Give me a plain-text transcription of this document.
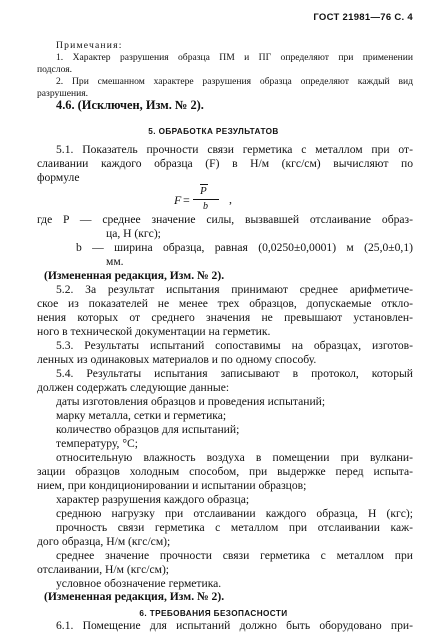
ГОСТ 21981—76 С. 4
Примечания:
1. Характер разрушения образца ПМ и ПГ определяют при применении
подслоя.
2. При смешанном характере разрушения образца определяют каждый вид
разрушения.
4.6. (Исключен, Изм. № 2).
5. ОБРАБОТКА РЕЗУЛЬТАТОВ
5.1. Показатель прочности связи герметика с металлом при от-
слаивании каждого образца (F) в Н/м (кгс/см) вычисляют по
формуле
F =
P
b
,
где P — среднее значение силы, вызвавшей отслаивание образ-
ца, Н (кгс);
b — ширина образца, равная (0,0250±0,0001) м (25,0±0,1)
мм.
(Измененная редакция, Изм. № 2).
5.2. За результат испытания принимают среднее арифметиче-
ское из показателей не менее трех образцов, допускаемые откло-
нения которых от среднего значения не превышают установлен-
ного в технической документации на герметик.
5.3. Результаты испытаний сопоставимы на образцах, изготов-
ленных из одинаковых материалов и по одному способу.
5.4. Результаты испытания записывают в протокол, который
должен содержать следующие данные:
даты изготовления образцов и проведения испытаний;
марку металла, сетки и герметика;
количество образцов для испытаний;
температуру, °С;
относительную влажность воздуха в помещении при вулкани-
зации образцов холодным способом, при выдержке перед испыта-
нием, при кондиционировании и испытании образцов;
характер разрушения каждого образца;
среднюю нагрузку при отслаивании каждого образца, Н (кгс);
прочность связи герметика с металлом при отслаивании каж-
дого образца, Н/м (кгс/см);
среднее значение прочности связи герметика с металлом при
отслаивании, Н/м (кгс/см);
условное обозначение герметика.
(Измененная редакция, Изм. № 2).
6. ТРЕБОВАНИЯ БЕЗОПАСНОСТИ
6.1. Помещение для испытаний должно быть оборудовано при-
